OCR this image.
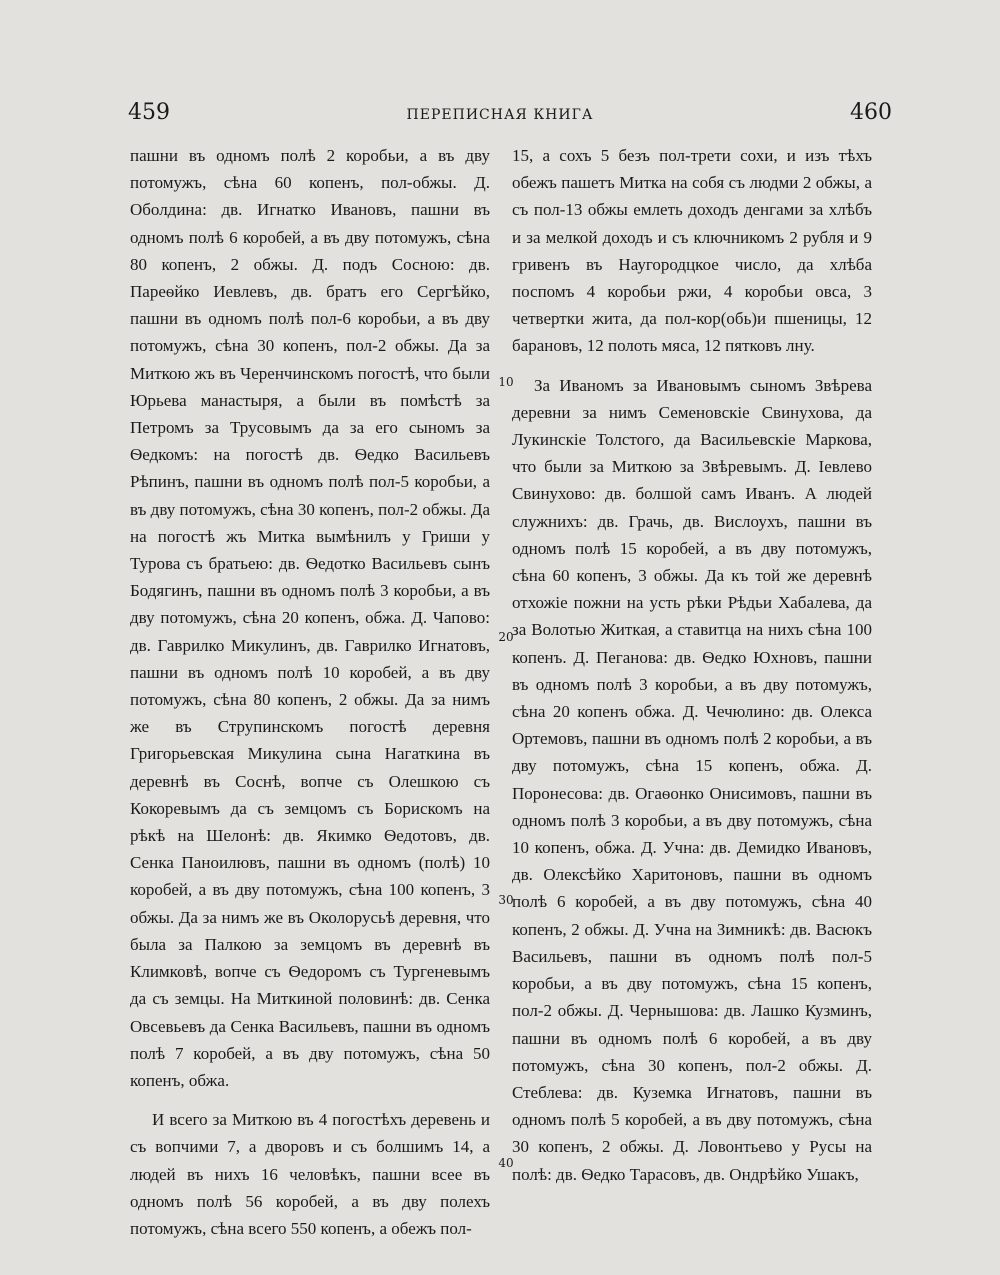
459	ПЕРЕПИСНАЯ КНИГА	460

пашни въ одномъ полѣ 2 коробьи, а въ дву потомужъ, сѣна 60 копенъ, пол-обжы. Д. Оболдина: дв. Игнатко Ивановъ, пашни въ одномъ полѣ 6 коробей, а въ дву потомужъ, сѣна 80 копенъ, 2 обжы. Д. подъ Сосною: дв. Пареѳйко Иевлевъ, дв. братъ его Сергѣйко, пашни въ одномъ полѣ пол-6 коробьи, а въ дву потомужъ, сѣна 30 копенъ, пол-2 обжы. Да за Миткою жъ въ Черенчинскомъ погостѣ, что были Юрьева манастыря, а были въ помѣстѣ за Петромъ за Трусовымъ да за его сыномъ за Ѳедкомъ: на погостѣ дв. Ѳедко Васильевъ Рѣпинъ, пашни въ одномъ полѣ пол-5 коробьи, а въ дву потомужъ, сѣна 30 копенъ, пол-2 обжы. Да на погостѣ жъ Митка вымѣнилъ у Гриши у Турова съ братьею: дв. Ѳедотко Васильевъ сынъ Бодягинъ, пашни въ одномъ полѣ 3 коробьи, а въ дву потомужъ, сѣна 20 копенъ, обжа. Д. Чапово: дв. Гаврилко Микулинъ, дв. Гаврилко Игнатовъ, пашни въ одномъ полѣ 10 коробей, а въ дву потомужъ, сѣна 80 копенъ, 2 обжы. Да за нимъ же въ Струпинскомъ погостѣ деревня Григорьевская Микулина сына Нагаткина въ деревнѣ въ Соснѣ, вопче съ Олешкою съ Кокоревымъ да съ земцомъ съ Борискомъ на рѣкѣ на Шелонѣ: дв. Якимко Ѳедотовъ, дв. Сенка Паноилювъ, пашни въ одномъ (полѣ) 10 коробей, а въ дву потомужъ, сѣна 100 копенъ, 3 обжы. Да за нимъ же въ Околорусьѣ деревня, что была за Палкою за земцомъ въ деревнѣ въ Климковѣ, вопче съ Ѳедоромъ съ Тургеневымъ да съ земцы. На Миткиной половинѣ: дв. Сенка Овсевьевъ да Сенка Васильевъ, пашни въ одномъ полѣ 7 коробей, а въ дву потомужъ, сѣна 50 копенъ, обжа.

И всего за Миткою въ 4 погостѣхъ деревень и съ вопчими 7, а дворовъ и съ болшимъ 14, а людей въ нихъ 16 человѣкъ, пашни всее въ одномъ полѣ 56 коробей, а въ дву полехъ потомужъ, сѣна всего 550 копенъ, а обежъ пол-

15, а сохъ 5 безъ пол-трети сохи, и изъ тѣхъ обежъ пашетъ Митка на собя съ людми 2 обжы, а съ пол-13 обжы емлеть доходъ денгами за хлѣбъ и за мелкой доходъ и съ ключникомъ 2 рубля и 9 гривенъ въ Наугородцкое число, да хлѣба поспомъ 4 коробьи ржи, 4 коробьи овса, 3 четвертки жита, да пол-кор(обь)и пшеницы, 12 барановъ, 12 полоть мяса, 12 пятковъ лну.

За Иваномъ за Ивановымъ сыномъ Звѣрева деревни за нимъ Семеновскіе Свинухова, да Лукинскіе Толстого, да Васильевскіе Маркова, что были за Миткою за Звѣревымъ. Д. Іевлево Свинухово: дв. болшой самъ Иванъ. А людей служнихъ: дв. Грачь, дв. Вислоухъ, пашни въ одномъ полѣ 15 коробей, а въ дву потомужъ, сѣна 60 копенъ, 3 обжы. Да къ той же деревнѣ отхожіе пожни на усть рѣки Рѣдьи Хабалева, да за Волотью Житкая, а ставитца на нихъ сѣна 100 копенъ. Д. Пеганова: дв. Ѳедко Юхновъ, пашни въ одномъ полѣ 3 коробьи, а въ дву потомужъ, сѣна 20 копенъ обжа. Д. Чечюлино: дв. Олекса Ортемовъ, пашни въ одномъ полѣ 2 коробьи, а въ дву потомужъ, сѣна 15 копенъ, обжа. Д. Поронесова: дв. Огаѳонко Онисимовъ, пашни въ одномъ полѣ 3 коробьи, а въ дву потомужъ, сѣна 10 копенъ, обжа. Д. Учна: дв. Демидко Ивановъ, дв. Олексѣйко Харитоновъ, пашни въ одномъ полѣ 6 коробей, а въ дву потомужъ, сѣна 40 копенъ, 2 обжы. Д. Учна на Зимникѣ: дв. Васюкъ Васильевъ, пашни въ одномъ полѣ пол-5 коробьи, а въ дву потомужъ, сѣна 15 копенъ, пол-2 обжы. Д. Чернышова: дв. Лашко Кузминъ, пашни въ одномъ полѣ 6 коробей, а въ дву потомужъ, сѣна 30 копенъ, пол-2 обжы. Д. Стеблева: дв. Куземка Игнатовъ, пашни въ одномъ полѣ 5 коробей, а въ дву потомужъ, сѣна 30 копенъ, 2 обжы. Д. Ловонтьево у Русы на полѣ: дв. Ѳедко Тарасовъ, дв. Ондрѣйко Ушакъ,

10
20
30
40
